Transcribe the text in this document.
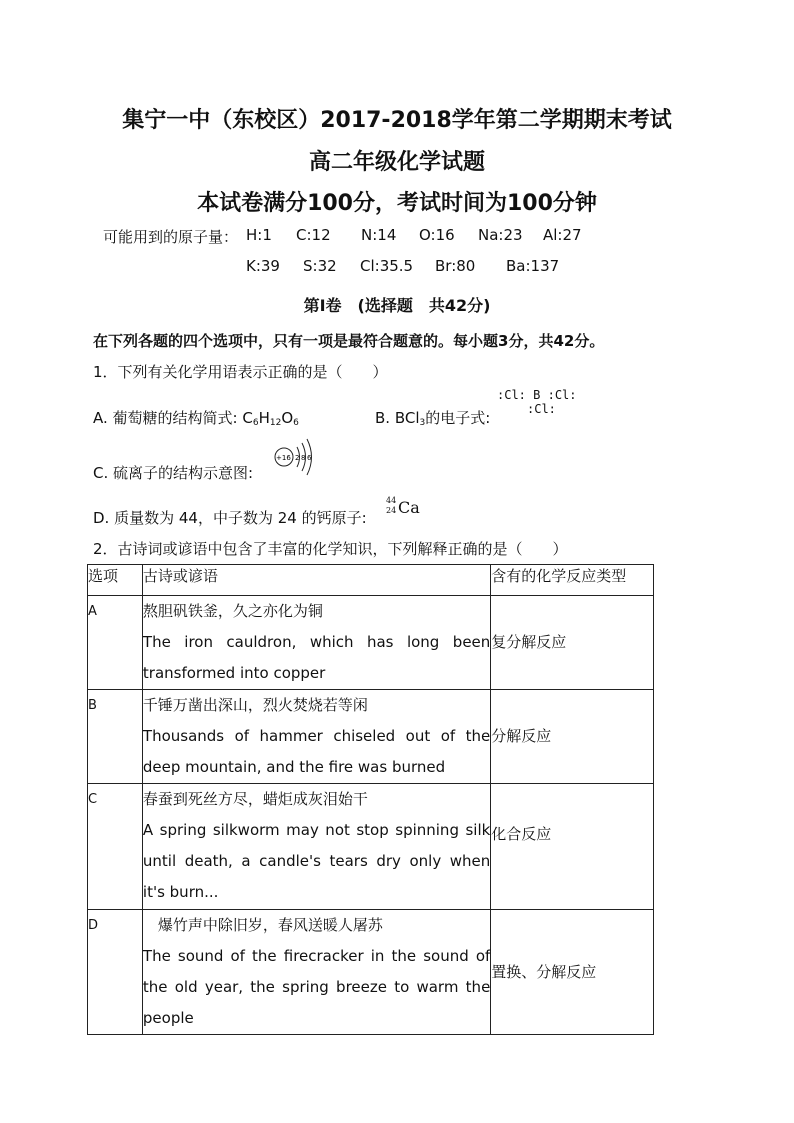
集宁一中（东校区）2017-2018学年第二学期期末考试
高二年级化学试题
本试卷满分100分，考试时间为100分钟
可能用到的原子量： H:1 C:12 N:14 O:16 Na:23 Al:27
K:39 S:32 Cl:35.5 Br:80 Ba:137
第Ⅰ卷　(选择题　共42分)
在下列各题的四个选项中，只有一项是最符合题意的。每小题3分，共42分。
1．下列有关化学用语表示正确的是（　　）
A. 葡萄糖的结构简式: $C_6H_{12}O_6$	B. BCl$_3$的电子式:
:Cl: B :Cl:
:Cl:
C. 硫离子的结构示意图:
+16 2 8 6
D. 质量数为 44，中子数为 24 的钙原子:
44
24 Ca
2．古诗词或谚语中包含了丰富的化学知识，下列解释正确的是（　　）
选项	古诗或谚语	含有的化学反应类型
A	熬胆矾铁釜，久之亦化为铜
The iron cauldron, which has long been transformed into copper	复分解反应
B	千锤万凿出深山，烈火焚烧若等闲
Thousands of hammer chiseled out of the deep mountain, and the fire was burned	分解反应
C	春蚕到死丝方尽，蜡炬成灰泪始干
A spring silkworm may not stop spinning silk until death, a candle's tears dry only when it's burn...	化合反应
D	　爆竹声中除旧岁，春风送暖人屠苏
The sound of the firecracker in the sound of the old year, the spring breeze to warm the people	置换、分解反应
